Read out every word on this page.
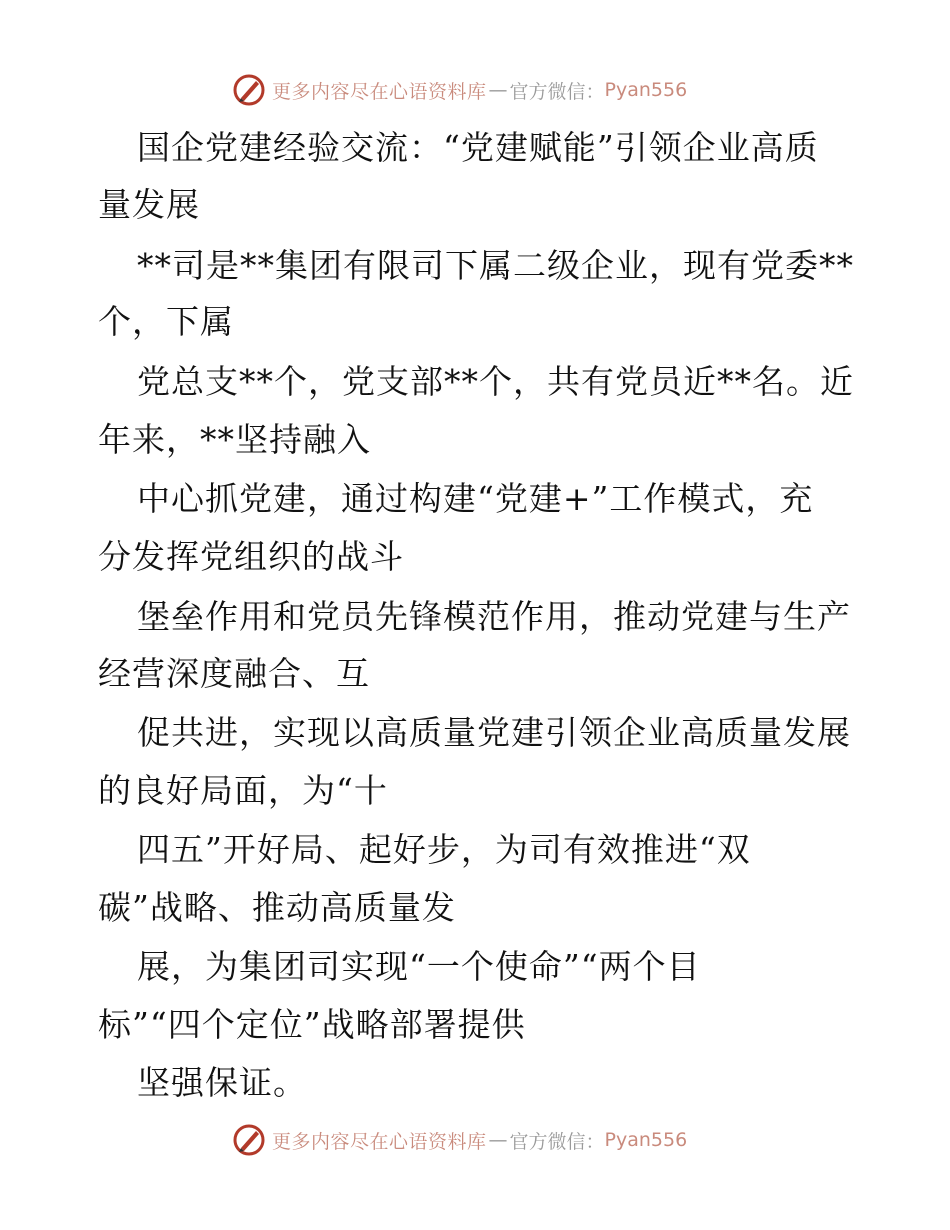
更多内容尽在心语资料库 — 官方微信： Pyan556
国企党建经验交流：“党建赋能”引领企业高质
量发展
**司是**集团有限司下属二级企业，现有党委**
个，下属
党总支**个，党支部**个，共有党员近**名。近
年来，**坚持融入
中心抓党建，通过构建“党建+”工作模式，充
分发挥党组织的战斗
堡垒作用和党员先锋模范作用，推动党建与生产
经营深度融合、互
促共进，实现以高质量党建引领企业高质量发展
的良好局面，为“十
四五”开好局、起好步，为司有效推进“双
碳”战略、推动高质量发
展，为集团司实现“一个使命”“两个目
标”“四个定位”战略部署提供
坚强保证。
更多内容尽在心语资料库 — 官方微信： Pyan556
